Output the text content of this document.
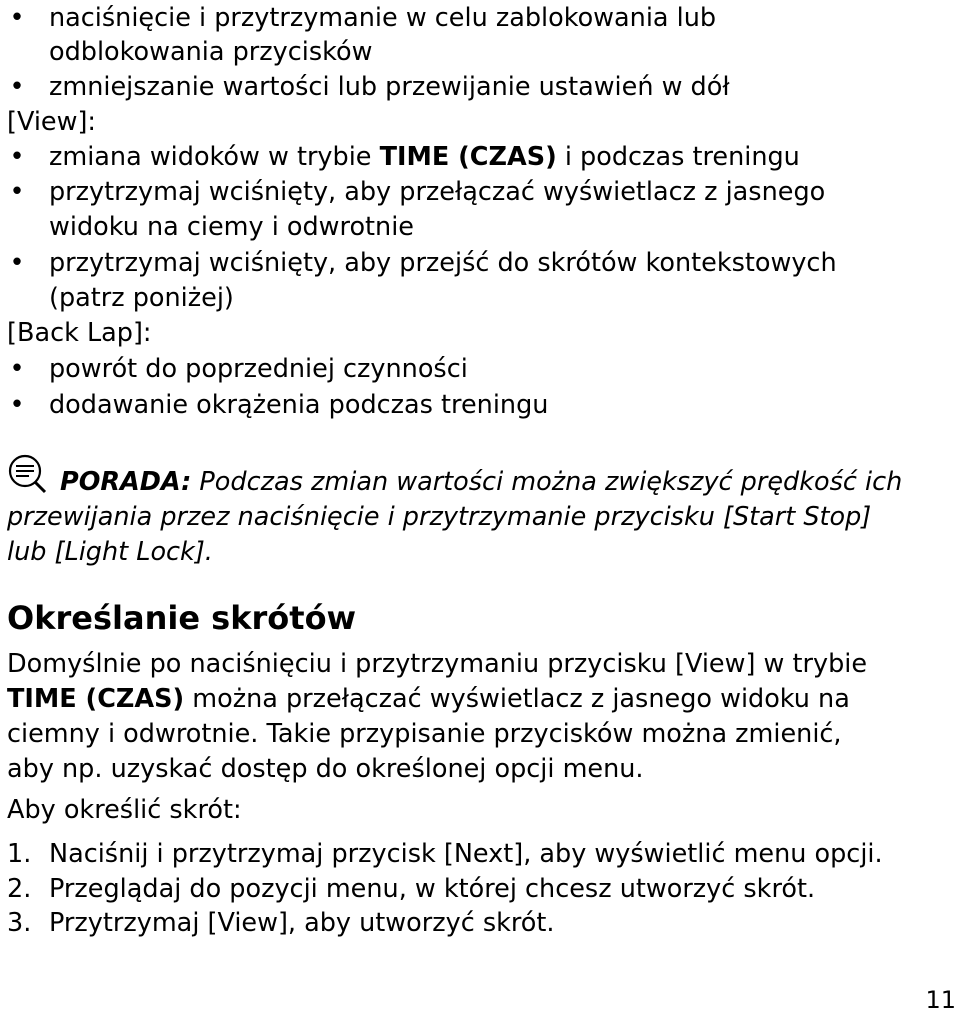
• naciśnięcie i przytrzymanie w celu zablokowania lub
odblokowania przycisków
• zmniejszanie wartości lub przewijanie ustawień w dół
[View]:
• zmiana widoków w trybie TIME (CZAS) i podczas treningu
• przytrzymaj wciśnięty, aby przełączać wyświetlacz z jasnego
widoku na ciemy i odwrotnie
• przytrzymaj wciśnięty, aby przejść do skrótów kontekstowych
(patrz poniżej)
[Back Lap]:
• powrót do poprzedniej czynności
• dodawanie okrążenia podczas treningu
PORADA: Podczas zmian wartości można zwiększyć prędkość ich
przewijania przez naciśnięcie i przytrzymanie przycisku [Start Stop]
lub [Light Lock].
Określanie skrótów
Domyślnie po naciśnięciu i przytrzymaniu przycisku [View] w trybie
TIME (CZAS) można przełączać wyświetlacz z jasnego widoku na
ciemny i odwrotnie. Takie przypisanie przycisków można zmienić,
aby np. uzyskać dostęp do określonej opcji menu.
Aby określić skrót:
1. Naciśnij i przytrzymaj przycisk [Next], aby wyświetlić menu opcji.
2. Przeglądaj do pozycji menu, w której chcesz utworzyć skrót.
3. Przytrzymaj [View], aby utworzyć skrót.
11
